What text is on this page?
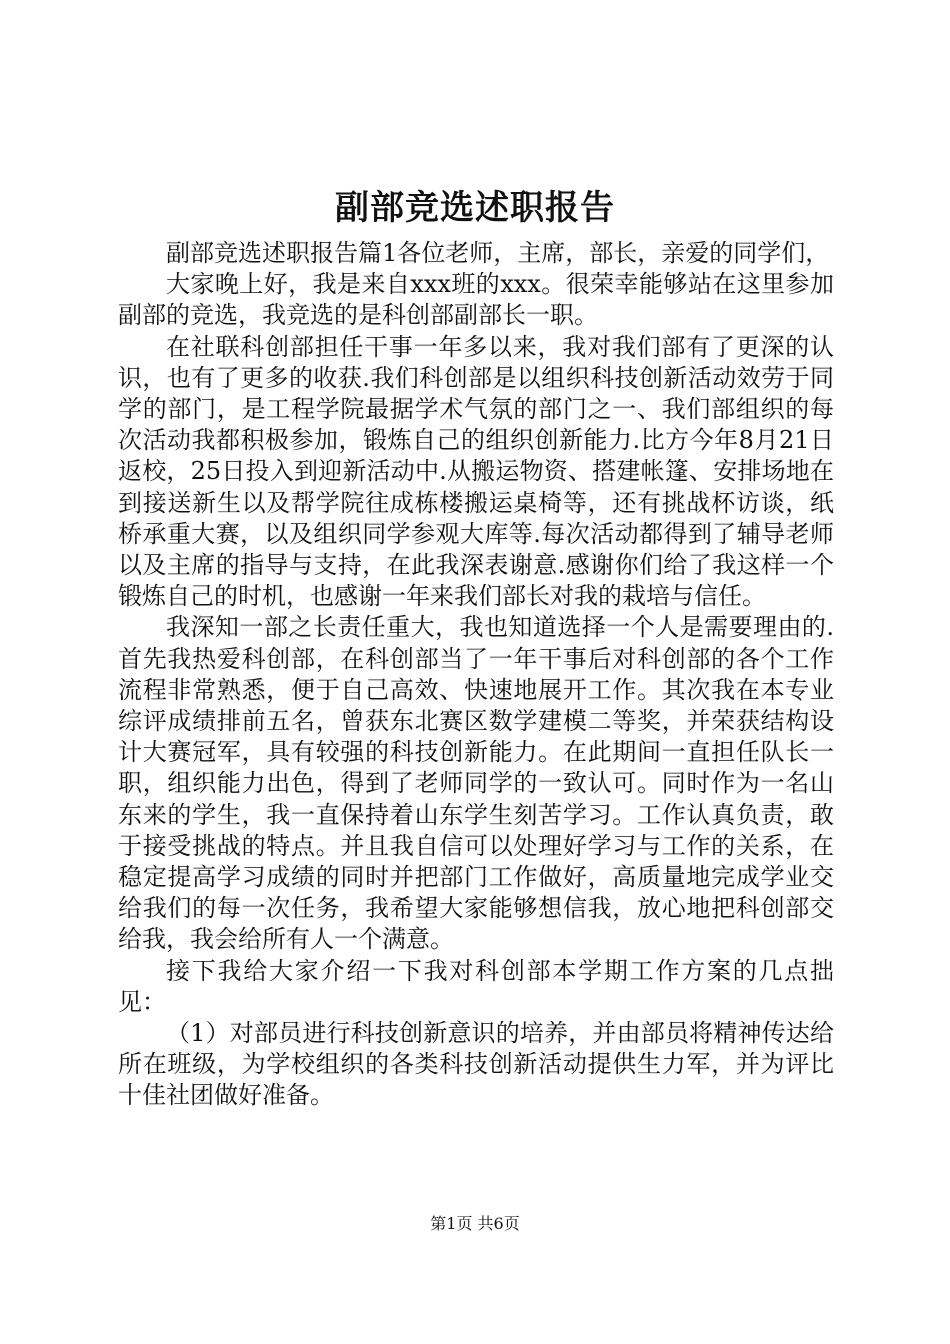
副部竞选述职报告

副部竞选述职报告篇1各位老师，主席，部长，亲爱的同学们，

大家晚上好，我是来自xxx班的xxx。很荣幸能够站在这里参加副部的竞选，我竞选的是科创部副部长一职。

在社联科创部担任干事一年多以来，我对我们部有了更深的认识，也有了更多的收获.我们科创部是以组织科技创新活动效劳于同学的部门，是工程学院最据学术气氛的部门之一、我们部组织的每次活动我都积极参加，锻炼自己的组织创新能力.比方今年8月21日返校，25日投入到迎新活动中.从搬运物资、搭建帐篷、安排场地在到接送新生以及帮学院往成栋楼搬运桌椅等，还有挑战杯访谈，纸桥承重大赛，以及组织同学参观大库等.每次活动都得到了辅导老师以及主席的指导与支持，在此我深表谢意.感谢你们给了我这样一个锻炼自己的时机，也感谢一年来我们部长对我的栽培与信任。

我深知一部之长责任重大，我也知道选择一个人是需要理由的.首先我热爱科创部，在科创部当了一年干事后对科创部的各个工作流程非常熟悉，便于自己高效、快速地展开工作。其次我在本专业综评成绩排前五名，曾获东北赛区数学建模二等奖，并荣获结构设计大赛冠军，具有较强的科技创新能力。在此期间一直担任队长一职，组织能力出色，得到了老师同学的一致认可。同时作为一名山东来的学生，我一直保持着山东学生刻苦学习。工作认真负责，敢于接受挑战的特点。并且我自信可以处理好学习与工作的关系，在稳定提高学习成绩的同时并把部门工作做好，高质量地完成学业交给我们的每一次任务，我希望大家能够想信我，放心地把科创部交给我，我会给所有人一个满意。

接下我给大家介绍一下我对科创部本学期工作方案的几点拙见：

（1）对部员进行科技创新意识的培养，并由部员将精神传达给所在班级，为学校组织的各类科技创新活动提供生力军，并为评比十佳社团做好准备。

第1页 共6页
